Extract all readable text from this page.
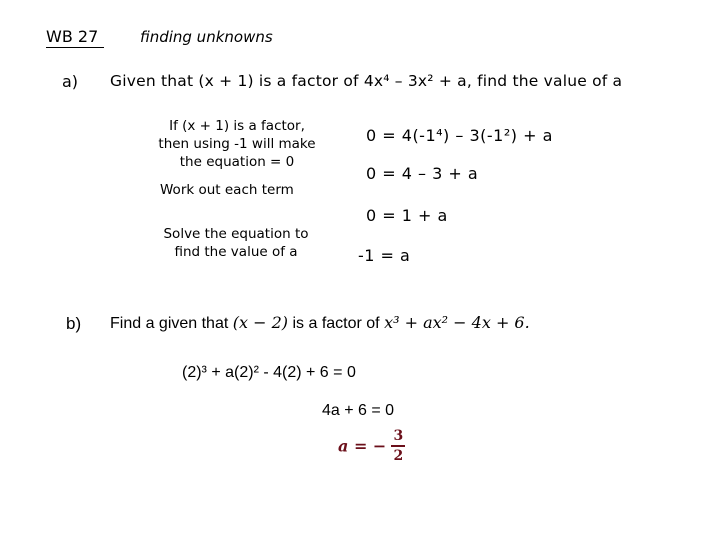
WB 27	finding unknowns
a) Given that (x + 1) is a factor of 4x⁴ – 3x² + a, find the value of a
If (x + 1) is a factor, then using -1 will make the equation = 0
Work out each term
Solve the equation to find the value of a
0 = 4(-1⁴) – 3(-1²) + a
0 = 4 – 3 + a
0 = 1 + a
-1 = a
b) Find a given that (x − 2) is a factor of x³ + ax² − 4x + 6.
(2)³ + a(2)² - 4(2) + 6 = 0
4a + 6 = 0
a = − $\frac{3}{2}$
